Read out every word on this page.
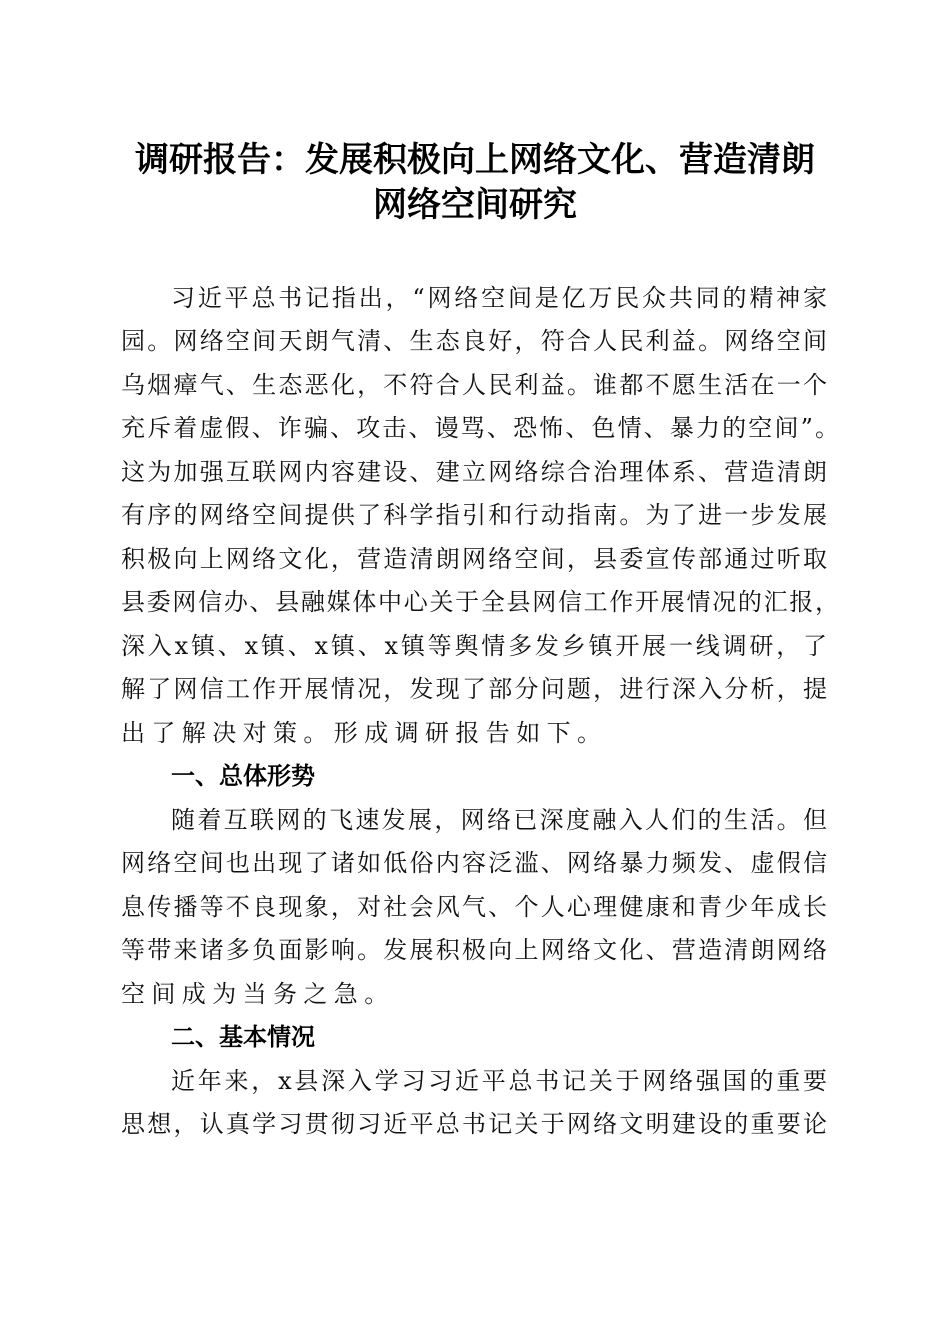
调研报告：发展积极向上网络文化、营造清朗
网络空间研究
习近平总书记指出，“网络空间是亿万民众共同的精神家
园。网络空间天朗气清、生态良好，符合人民利益。网络空间
乌烟瘴气、生态恶化，不符合人民利益。谁都不愿生活在一个
充斥着虚假、诈骗、攻击、谩骂、恐怖、色情、暴力的空间”。
这为加强互联网内容建设、建立网络综合治理体系、营造清朗
有序的网络空间提供了科学指引和行动指南。为了进一步发展
积极向上网络文化，营造清朗网络空间，县委宣传部通过听取
县委网信办、县融媒体中心关于全县网信工作开展情况的汇报，
深入x镇、x镇、x镇、x镇等舆情多发乡镇开展一线调研，了
解了网信工作开展情况，发现了部分问题，进行深入分析，提
出了解决对策。形成调研报告如下。
一、总体形势
随着互联网的飞速发展，网络已深度融入人们的生活。但
网络空间也出现了诸如低俗内容泛滥、网络暴力频发、虚假信
息传播等不良现象，对社会风气、个人心理健康和青少年成长
等带来诸多负面影响。发展积极向上网络文化、营造清朗网络
空间成为当务之急。
二、基本情况
近年来，x县深入学习习近平总书记关于网络强国的重要
思想，认真学习贯彻习近平总书记关于网络文明建设的重要论
